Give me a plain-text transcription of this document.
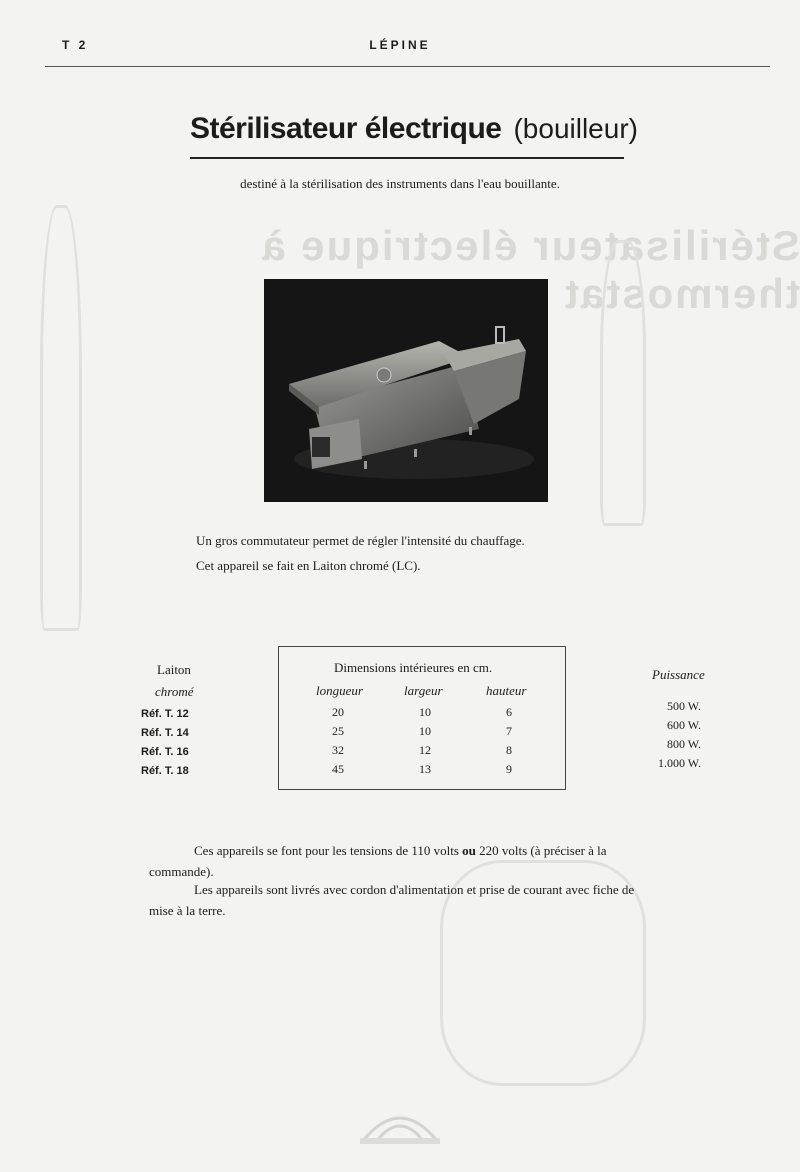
Stérilisateur électrique à thermostat
T 2	LÉPINE
Stérilisateur électrique (bouilleur)
destiné à la stérilisation des instruments dans l'eau bouillante.
Un gros commutateur permet de régler l'intensité du chauffage.
Cet appareil se fait en Laiton chromé (LC).
Laiton
chromé
Dimensions intérieures en cm.	Puissance
longueur	largeur	hauteur
Réf. T. 12	20	10	6	500 W.
Réf. T. 14	25	10	7	600 W.
Réf. T. 16	32	12	8	800 W.
Réf. T. 18	45	13	9	1.000 W.
Ces appareils se font pour les tensions de 110 volts ou 220 volts (à préciser à la commande).
Les appareils sont livrés avec cordon d'alimentation et prise de courant avec fiche de mise à la terre.
